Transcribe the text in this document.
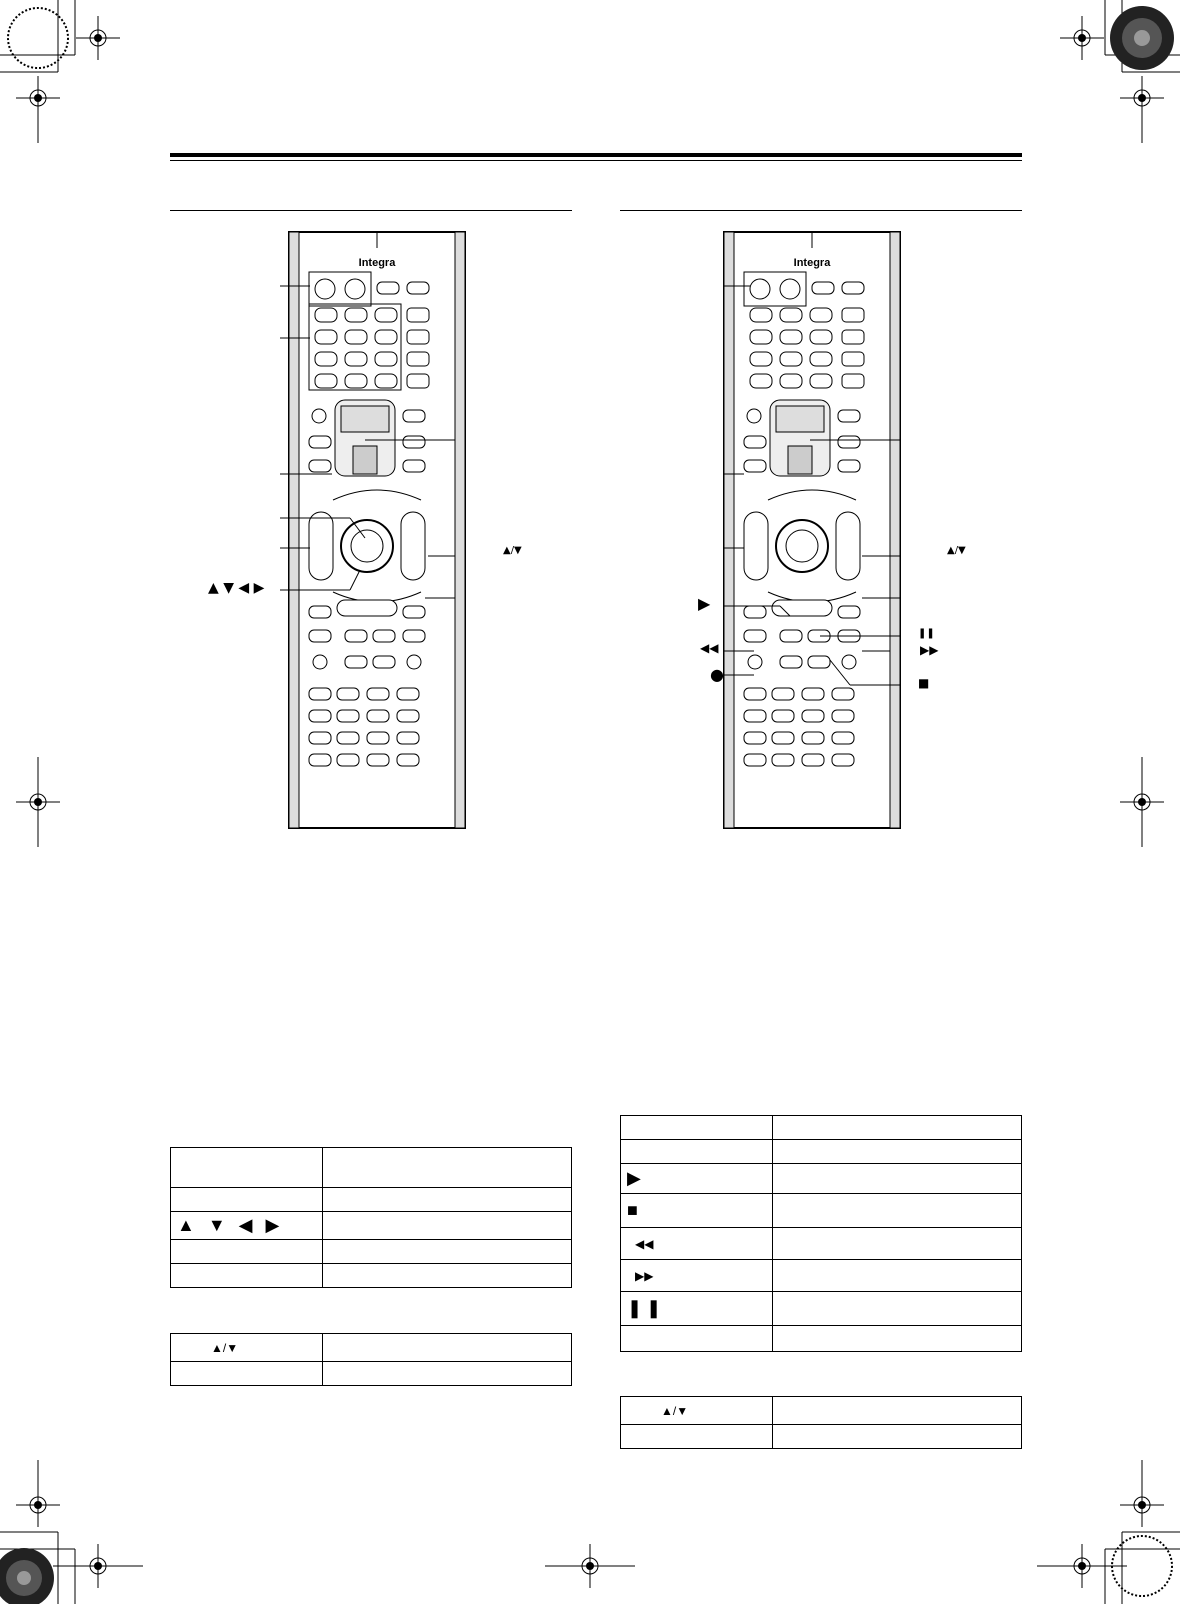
Integra
▲ ▼ ◀ ▶
▲/▼
Integra
▶
❚❚
◀◀	▶▶
●	■
▲/▼

▲ ▼ ◀ ▶	

▲/▼	

▶	
■	
◀◀	
▶▶	
❚❚	

▲/▼	
